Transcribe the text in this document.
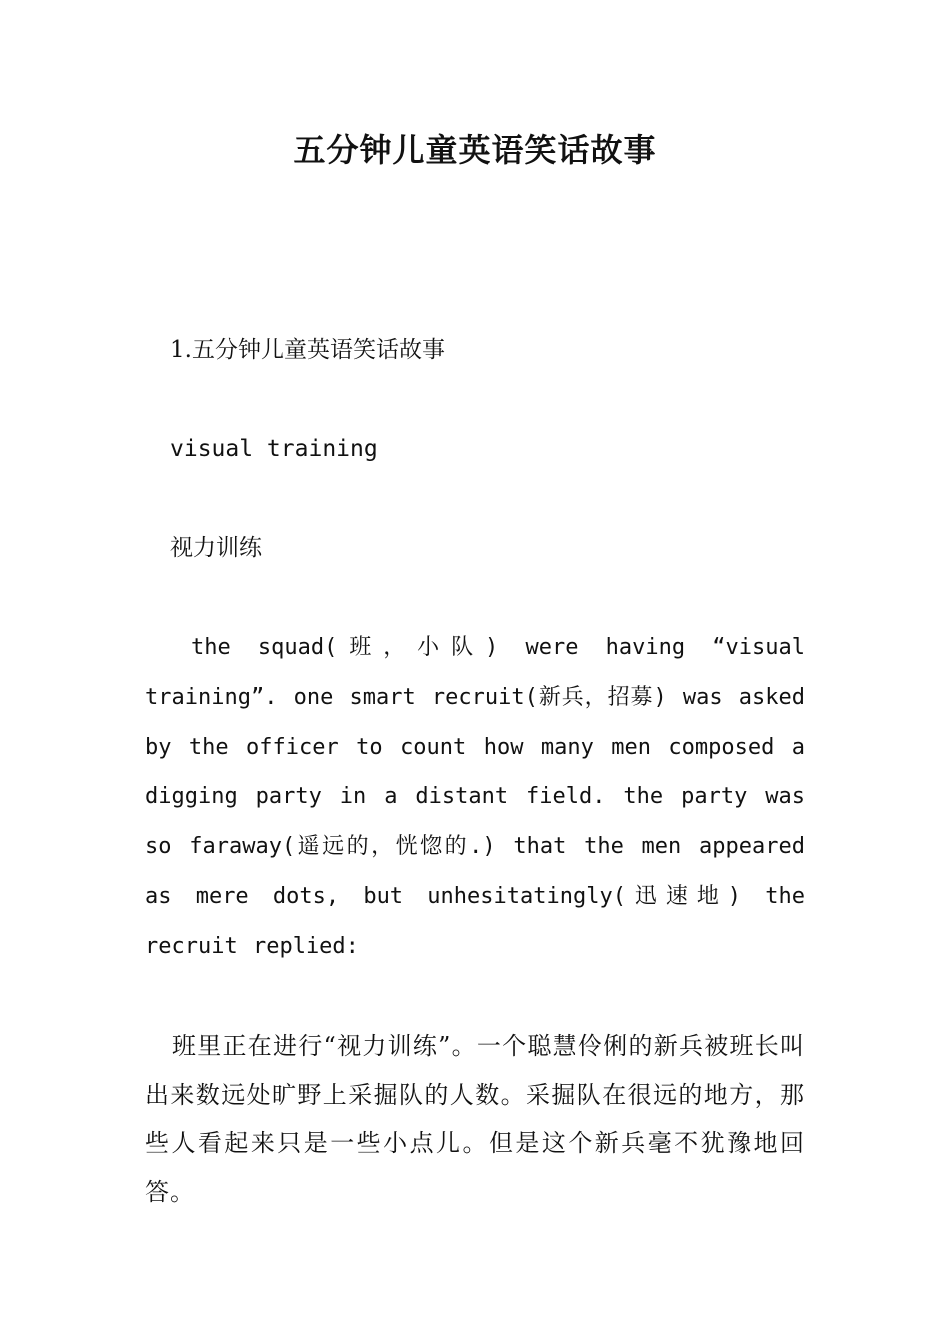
五分钟儿童英语笑话故事
1.五分钟儿童英语笑话故事
visual training
视力训练

the squad(班，小队) were having “visual training”. one smart recruit(新兵，招募) was asked by the officer to count how many men composed a digging party in a distant field. the party was so faraway(遥远的，恍惚的.) that the men appeared as mere dots, but unhesitatingly(迅速地) the recruit replied:

班里正在进行“视力训练”。一个聪慧伶俐的新兵被班长叫出来数远处旷野上采掘队的人数。采掘队在很远的地方，那些人看起来只是一些小点儿。但是这个新兵毫不犹豫地回答。
